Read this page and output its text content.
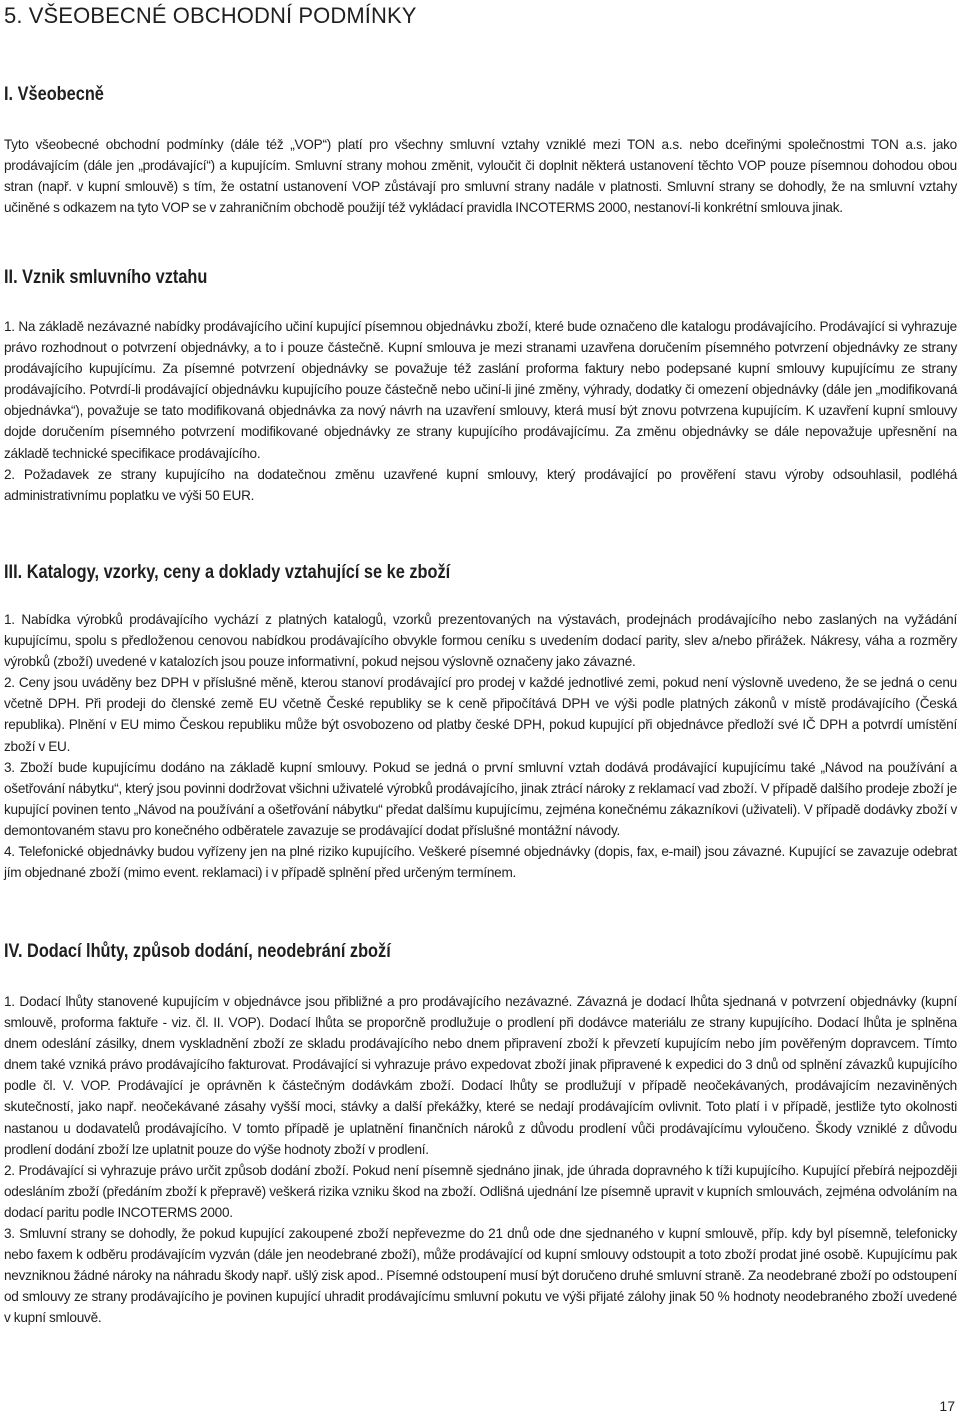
5. VŠEOBECNÉ OBCHODNÍ PODMÍNKY
I. Všeobecně

Tyto všeobecné obchodní podmínky (dále též „VOP“) platí pro všechny smluvní vztahy vzniklé mezi TON a.s. nebo dceřinými společnostmi TON a.s. jako prodávajícím (dále jen „prodávající“) a kupujícím. Smluvní strany mohou změnit, vyloučit či doplnit některá ustanovení těchto VOP pouze písemnou dohodou obou stran (např. v kupní smlouvě) s tím, že ostatní ustanovení VOP zůstávají pro smluvní strany nadále v platnosti. Smluvní strany se dohodly, že na smluvní vztahy učiněné s odkazem na tyto VOP se v zahraničním obchodě použijí též vykládací pravidla INCOTERMS 2000, nestanoví-li konkrétní smlouva jinak.

II. Vznik smluvního vztahu

1. Na základě nezávazné nabídky prodávajícího učiní kupující písemnou objednávku zboží, které bude označeno dle katalogu prodávajícího. Prodávající si vyhrazuje právo rozhodnout o potvrzení objednávky, a to i pouze částečně. Kupní smlouva je mezi stranami uzavřena doručením písemného potvrzení objednávky ze strany prodávajícího kupujícímu. Za písemné potvrzení objednávky se považuje též zaslání proforma faktury nebo podepsané kupní smlouvy kupujícímu ze strany prodávajícího. Potvrdí-li prodávající objednávku kupujícího pouze částečně nebo učiní-li jiné změny, výhrady, dodatky či omezení objednávky (dále jen „modifikovaná objednávka“), považuje se tato modifikovaná objednávka za nový návrh na uzavření smlouvy, která musí být znovu potvrzena kupujícím. K uzavření kupní smlouvy dojde doručením písemného potvrzení modifikované objednávky ze strany kupujícího prodávajícímu. Za změnu objednávky se dále nepovažuje upřesnění na základě technické specifikace prodávajícího.

2. Požadavek ze strany kupujícího na dodatečnou změnu uzavřené kupní smlouvy, který prodávající po prověření stavu výroby odsouhlasil, podléhá administrativnímu poplatku ve výši 50 EUR.

III. Katalogy, vzorky, ceny a doklady vztahující se ke zboží

1. Nabídka výrobků prodávajícího vychází z platných katalogů, vzorků prezentovaných na výstavách, prodejnách prodávajícího nebo zaslaných na vyžádání kupujícímu, spolu s předloženou cenovou nabídkou prodávajícího obvykle formou ceníku s uvedením dodací parity, slev a/nebo přirážek. Nákresy, váha a rozměry výrobků (zboží) uvedené v katalozích jsou pouze informativní, pokud nejsou výslovně označeny jako závazné.

2. Ceny jsou uváděny bez DPH v příslušné měně, kterou stanoví prodávající pro prodej v každé jednotlivé zemi, pokud není výslovně uvedeno, že se jedná o cenu včetně DPH. Při prodeji do členské země EU včetně České republiky se k ceně připočítává DPH ve výši podle platných zákonů v místě prodávajícího (Česká republika). Plnění v EU mimo Českou republiku může být osvobozeno od platby české DPH, pokud kupující při objednávce předloží své IČ DPH a potvrdí umístění zboží v EU.

3. Zboží bude kupujícímu dodáno na základě kupní smlouvy. Pokud se jedná o první smluvní vztah dodává prodávající kupujícímu také „Návod na používání a ošetřování nábytku“, který jsou povinni dodržovat všichni uživatelé výrobků prodávajícího, jinak ztrácí nároky z reklamací vad zboží. V případě dalšího prodeje zboží je kupující povinen tento „Návod na používání a ošetřování nábytku“ předat dalšímu kupujícímu, zejména konečnému zákazníkovi (uživateli). V případě dodávky zboží v demontovaném stavu pro konečného odběratele zavazuje se prodávající dodat příslušné montážní návody.

4. Telefonické objednávky budou vyřízeny jen na plné riziko kupujícího. Veškeré písemné objednávky (dopis, fax, e-mail) jsou závazné. Kupující se zavazuje odebrat jím objednané zboží (mimo event. reklamaci) i v případě splnění před určeným termínem.

IV. Dodací lhůty, způsob dodání, neodebrání zboží

1. Dodací lhůty stanovené kupujícím v objednávce jsou přibližné a pro prodávajícího nezávazné. Závazná je dodací lhůta sjednaná v potvrzení objednávky (kupní smlouvě, proforma faktuře - viz. čl. II. VOP). Dodací lhůta se proporčně prodlužuje o prodlení při dodávce materiálu ze strany kupujícího. Dodací lhůta je splněna dnem odeslání zásilky, dnem vyskladnění zboží ze skladu prodávajícího nebo dnem připravení zboží k převzetí kupujícím nebo jím pověřeným dopravcem. Tímto dnem také vzniká právo prodávajícího fakturovat. Prodávající si vyhrazuje právo expedovat zboží jinak připravené k expedici do 3 dnů od splnění závazků kupujícího podle čl. V. VOP. Prodávající je oprávněn k částečným dodávkám zboží. Dodací lhůty se prodlužují v případě neočekávaných, prodávajícím nezaviněných skutečností, jako např. neočekávané zásahy vyšší moci, stávky a další překážky, které se nedají prodávajícím ovlivnit. Toto platí i v případě, jestliže tyto okolnosti nastanou u dodavatelů prodávajícího. V tomto případě je uplatnění finančních nároků z důvodu prodlení vůči prodávajícímu vyloučeno. Škody vzniklé z důvodu prodlení dodání zboží lze uplatnit pouze do výše hodnoty zboží v prodlení.

2. Prodávající si vyhrazuje právo určit způsob dodání zboží. Pokud není písemně sjednáno jinak, jde úhrada dopravného k tíži kupujícího. Kupující přebírá nejpozději odesláním zboží (předáním zboží k přepravě) veškerá rizika vzniku škod na zboží. Odlišná ujednání lze písemně upravit v kupních smlouvách, zejména odvoláním na dodací paritu podle INCOTERMS 2000.

3. Smluvní strany se dohodly, že pokud kupující zakoupené zboží nepřevezme do 21 dnů ode dne sjednaného v kupní smlouvě, příp. kdy byl písemně, telefonicky nebo faxem k odběru prodávajícím vyzván (dále jen neodebrané zboží), může prodávající od kupní smlouvy odstoupit a toto zboží prodat jiné osobě. Kupujícímu pak nevzniknou žádné nároky na náhradu škody např. ušlý zisk apod.. Písemné odstoupení musí být doručeno druhé smluvní straně. Za neodebrané zboží po odstoupení od smlouvy ze strany prodávajícího je povinen kupující uhradit prodávajícímu smluvní pokutu ve výši přijaté zálohy jinak 50 % hodnoty neodebraného zboží uvedené v kupní smlouvě.

17
